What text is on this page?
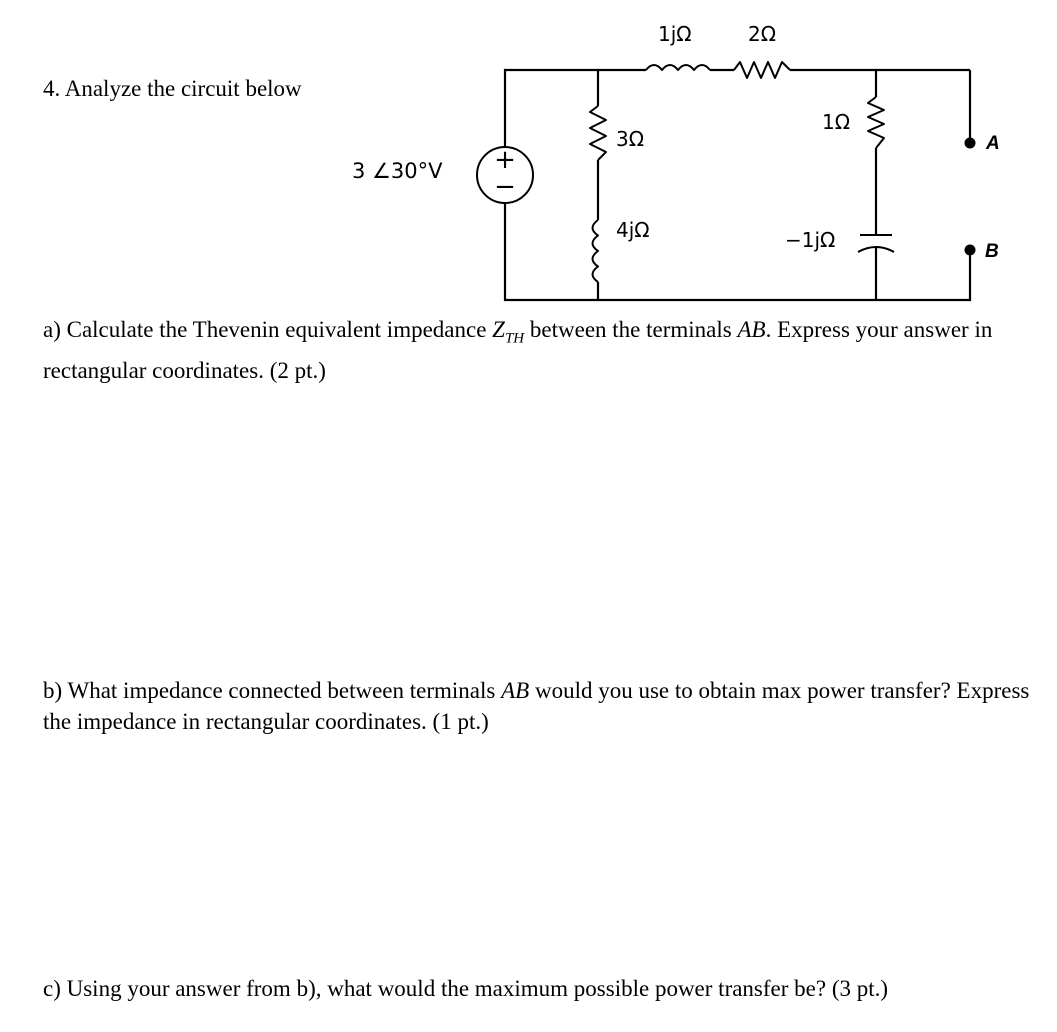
4. Analyze the circuit below
+
−
3 ∠30°V
1jΩ	2Ω
3Ω
4jΩ
1Ω
−1jΩ
A
B
a) Calculate the Thevenin equivalent impedance $Z_{TH}$ between the terminals AB. Express your answer in rectangular coordinates. (2 pt.)
b) What impedance connected between terminals AB would you use to obtain max power transfer? Express the impedance in rectangular coordinates. (1 pt.)
c) Using your answer from b), what would the maximum possible power transfer be? (3 pt.)
